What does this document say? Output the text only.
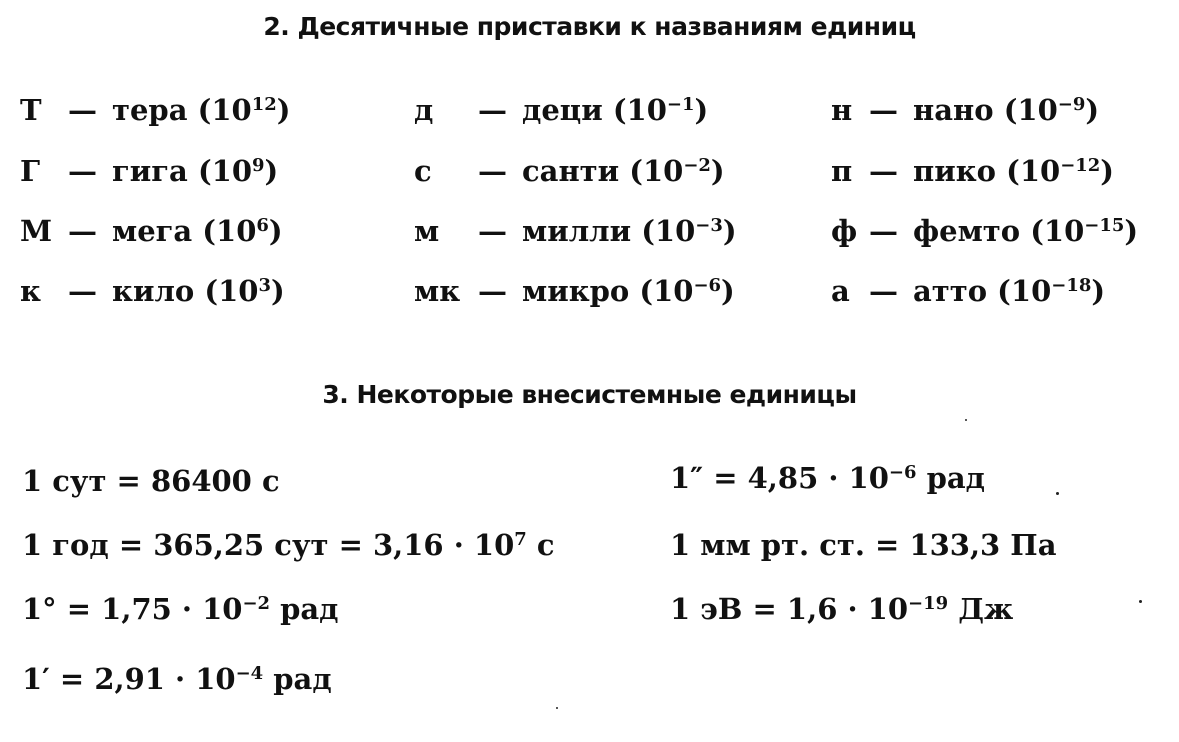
2. Десятичные приставки к названиям единиц
Т — тера $(10^{12})$
Г — гига $(10^9)$
М — мега $(10^6)$
к — кило $(10^3)$
д — деци $(10^{-1})$
с — санти $(10^{-2})$
м — милли $(10^{-3})$
мк — микро $(10^{-6})$
н — нано $(10^{-9})$
п — пико $(10^{-12})$
ф — фемто $(10^{-15})$
а — атто $(10^{-18})$
3. Некоторые внесистемные единицы
1 сут = 86400 с
1 год = 365,25 сут = $3,16 \cdot 10^7$ с
$1^\circ = 1,75 \cdot 10^{-2}$ рад
$1' = 2,91 \cdot 10^{-4}$ рад
$1'' = 4,85 \cdot 10^{-6}$ рад
1 мм рт. ст. = 133,3 Па
1 эВ = $1,6 \cdot 10^{-19}$ Дж
